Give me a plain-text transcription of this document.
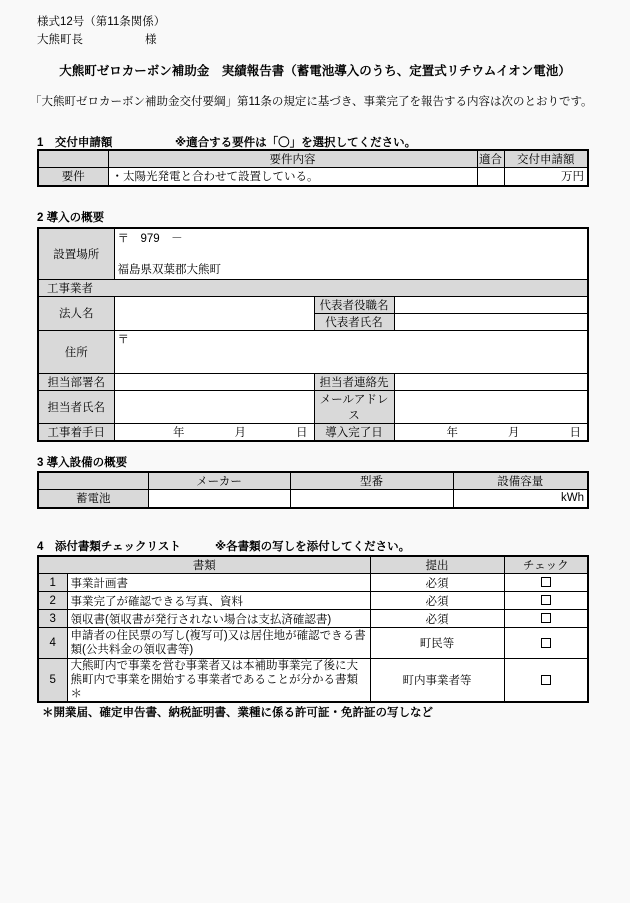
様式12号（第11条関係）
大熊町長	様
大熊町ゼロカーボン補助金　実績報告書（蓄電池導入のうち、定置式リチウムイオン電池）
「大熊町ゼロカーボン補助金交付要綱」第11条の規定に基づき、事業完了を報告する内容は次のとおりです。
1　交付申請額	※適合する要件は「〇」を選択してください。
	要件内容	適合	交付申請額
要件	・太陽光発電と合わせて設置している。		万円
2 導入の概要
設置場所	〒　979　－
福島県双葉郡大熊町		

工事業者			
法人名		代表者役職名	
		代表者氏名	
住所	〒		
担当部署名		担当者連絡先	
担当者氏名		メールアドレス	
工事着手日	年 月 日	導入完了日	年 月 日
3 導入設備の概要
	メーカー	型番	設備容量
蓄電池			kWh
4　添付書類チェックリスト	※各書類の写しを添付してください。
書類		提出	チェック
1	事業計画書	必須	
2	事業完了が確認できる写真、資料	必須	
3	領収書(領収書が発行されない場合は支払済確認書)	必須	
4	申請者の住民票の写し(複写可)又は居住地が確認できる書類(公共料金の領収書等)	町民等	
5	大熊町内で事業を営む事業者又は本補助事業完了後に大熊町内で事業を開始する事業者であることが分かる書類＊	町内事業者等	
＊開業届、確定申告書、納税証明書、業種に係る許可証・免許証の写しなど
